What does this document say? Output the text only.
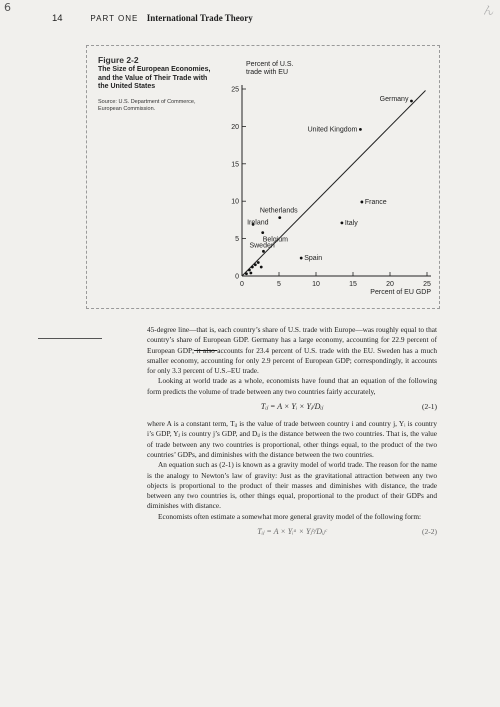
6	ん
14	PART ONE International Trade Theory
Figure 2-2
The Size of European Economies, and the Value of Their Trade with the United States
Source: U.S. Department of Commerce, European Commission.
Percent of U.S.
trade with EU
0
5
10
15
20
25
0	5	10	15	20	25
Germany
United Kingdom
France
Italy
Netherlands
Ireland
Belgium
Sweden
Spain
Percent of EU GDP

45-degree line—that is, each country’s share of U.S. trade with Europe—was roughly equal to that country’s share of European GDP. Germany has a large economy, accounting for 22.9 percent of European GDP; it also accounts for 23.4 percent of U.S. trade with the EU. Sweden has a much smaller economy, accounting for only 2.9 percent of European GDP; correspondingly, it accounts for only 3.3 percent of U.S.–EU trade.

Looking at world trade as a whole, economists have found that an equation of the following form predicts the volume of trade between any two countries fairly accurately,

Tᵢⱼ = A × Yᵢ × Yⱼ/Dᵢⱼ	(2-1)

where A is a constant term, Tᵢⱼ is the value of trade between country i and country j, Yᵢ is country i’s GDP, Yⱼ is country j’s GDP, and Dᵢⱼ is the distance between the two countries. That is, the value of trade between any two countries is proportional, other things equal, to the product of the two countries’ GDPs, and diminishes with the distance between the two countries.

An equation such as (2-1) is known as a gravity model of world trade. The reason for the name is the analogy to Newton’s law of gravity: Just as the gravitational attraction between any two objects is proportional to the product of their masses and diminishes with distance, the trade between any two countries is, other things equal, proportional to the product of their GDPs and diminishes with distance.

Economists often estimate a somewhat more general gravity model of the following form:

Tᵢⱼ = A × Yᵢᵃ × Yⱼᵇ/Dᵢⱼᶜ	(2-2)
